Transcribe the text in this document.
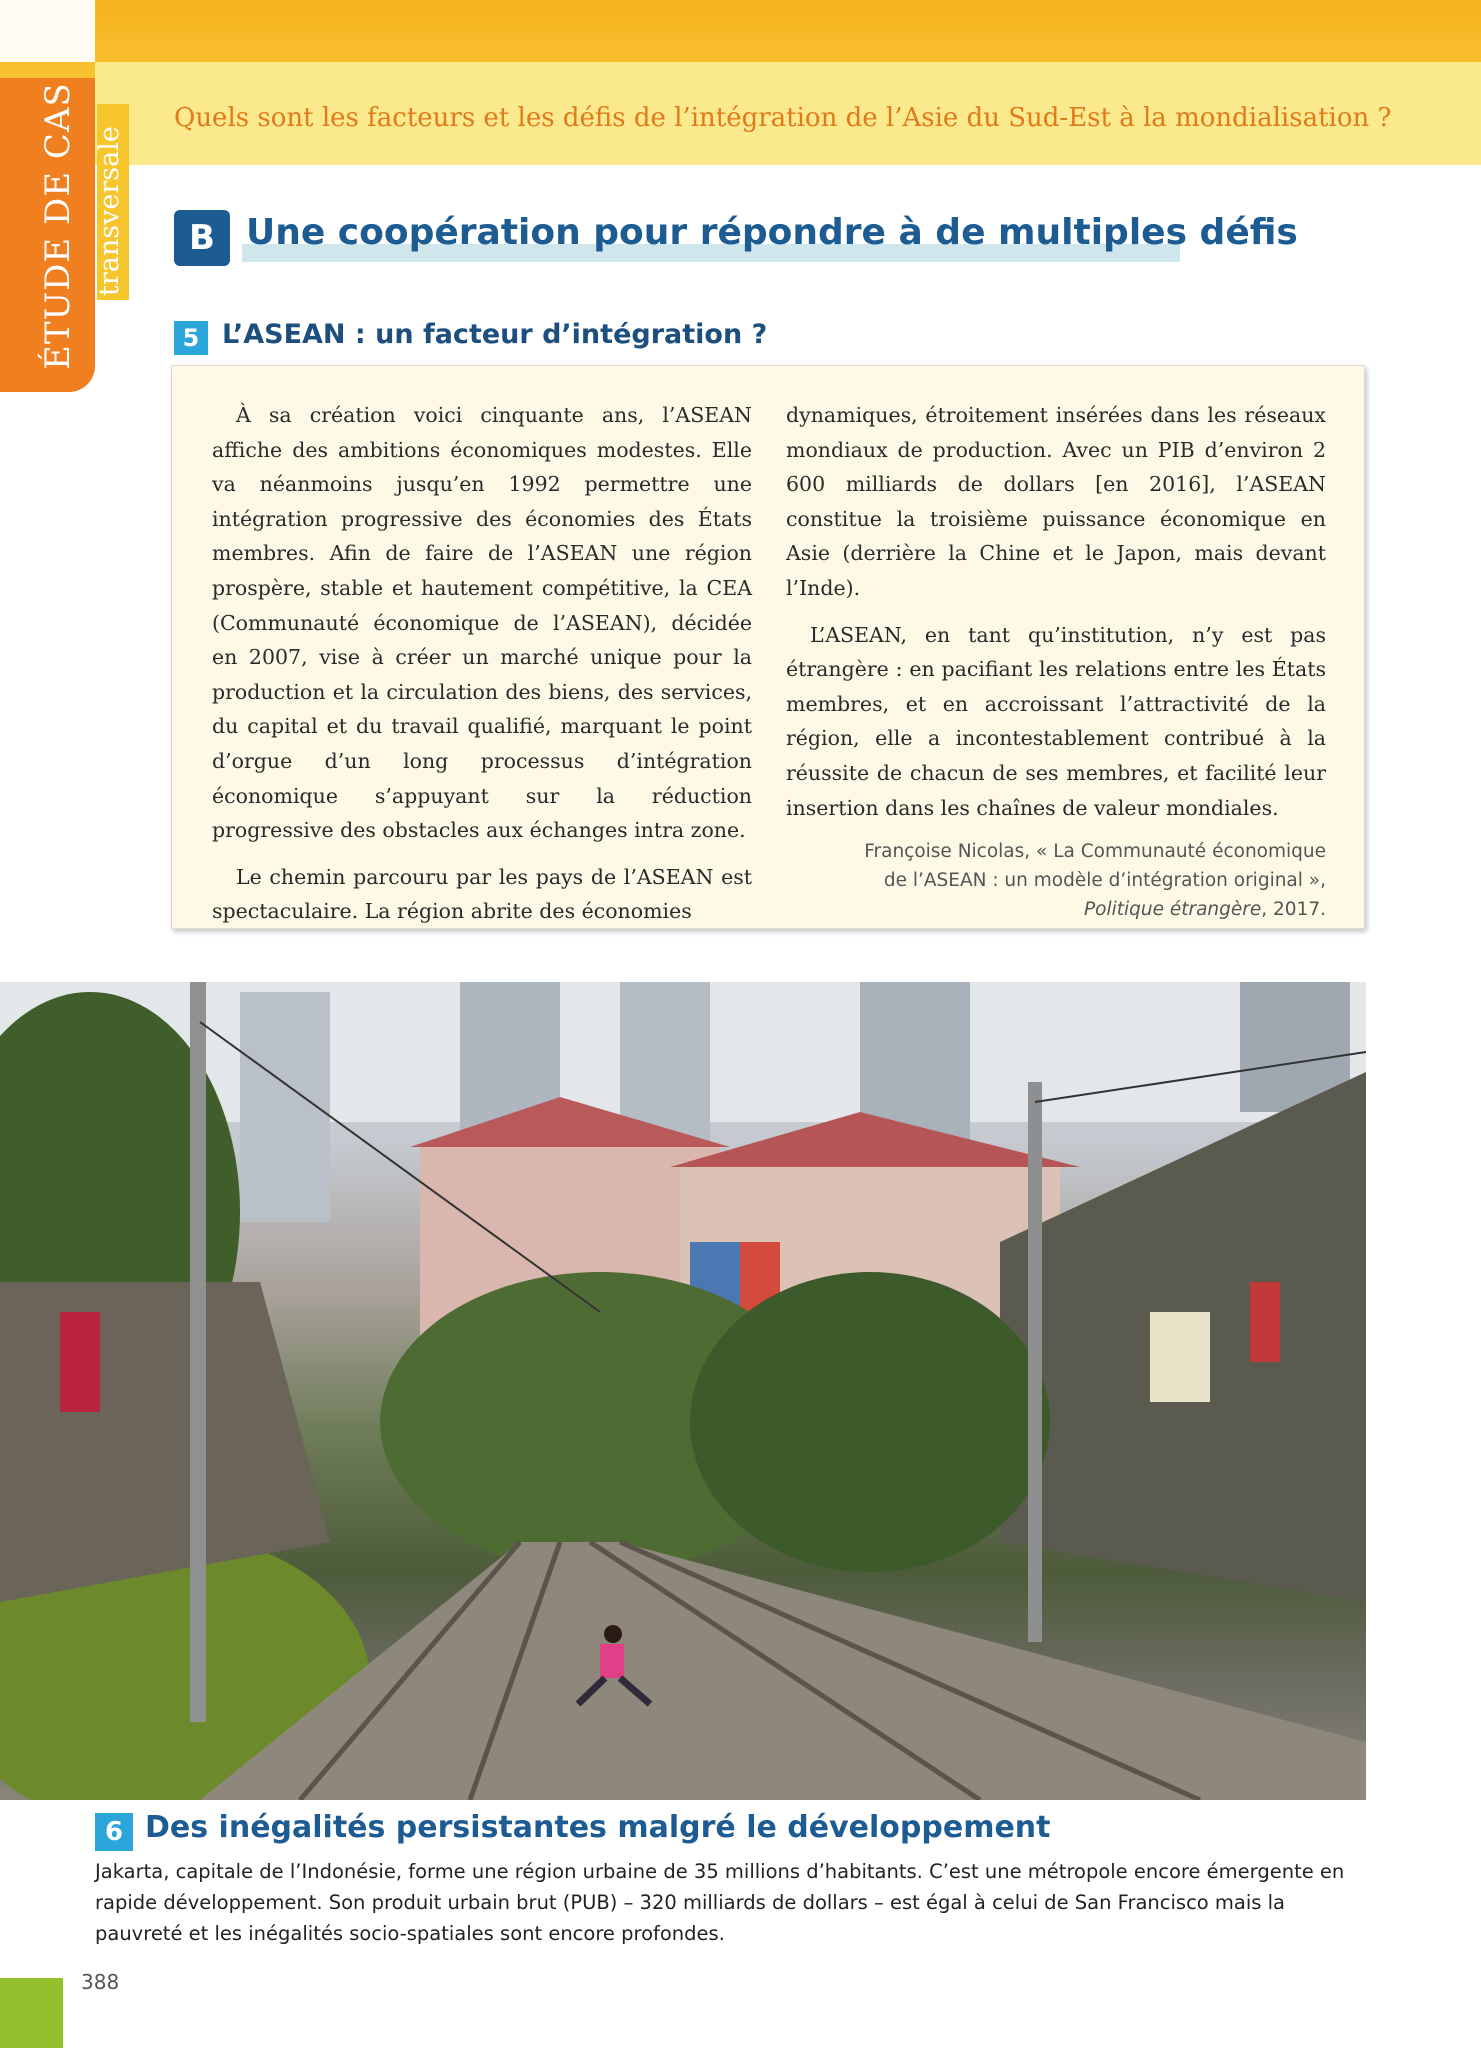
Quels sont les facteurs et les défis de l’intégration de l’Asie du Sud-Est à la mondialisation ?
ÉTUDE DE CAS transversale	B Une coopération pour répondre à de multiples défis
5 L’ASEAN : un facteur d’intégration ?

À sa création voici cinquante ans, l’ASEAN affiche des ambitions économiques modestes. Elle va néanmoins jusqu’en 1992 permettre une intégration progressive des économies des États membres. Afin de faire de l’ASEAN une région prospère, stable et hautement compétitive, la CEA (Communauté économique de l’ASEAN), décidée en 2007, vise à créer un marché unique pour la production et la circulation des biens, des services, du capital et du travail qualifié, marquant le point d’orgue d’un long processus d’intégration économique s’appuyant sur la réduction progressive des obstacles aux échanges intra zone.

Le chemin parcouru par les pays de l’ASEAN est spectaculaire. La région abrite des économies

dynamiques, étroitement insérées dans les réseaux mondiaux de production. Avec un PIB d’environ 2 600 milliards de dollars [en 2016], l’ASEAN constitue la troisième puissance économique en Asie (derrière la Chine et le Japon, mais devant l’Inde).

L’ASEAN, en tant qu’institution, n’y est pas étrangère : en pacifiant les relations entre les États membres, et en accroissant l’attractivité de la région, elle a incontestablement contribué à la réussite de chacun de ses membres, et facilité leur insertion dans les chaînes de valeur mondiales.

Françoise Nicolas, « La Communauté économique
de l’ASEAN : un modèle d’intégration original »,
Politique étrangère, 2017.
6 Des inégalités persistantes malgré le développement
Jakarta, capitale de l’Indonésie, forme une région urbaine de 35 millions d’habitants. C’est une métropole encore émergente en rapide développement. Son produit urbain brut (PUB) – 320 milliards de dollars – est égal à celui de San Francisco mais la pauvreté et les inégalités socio-spatiales sont encore profondes.
388
